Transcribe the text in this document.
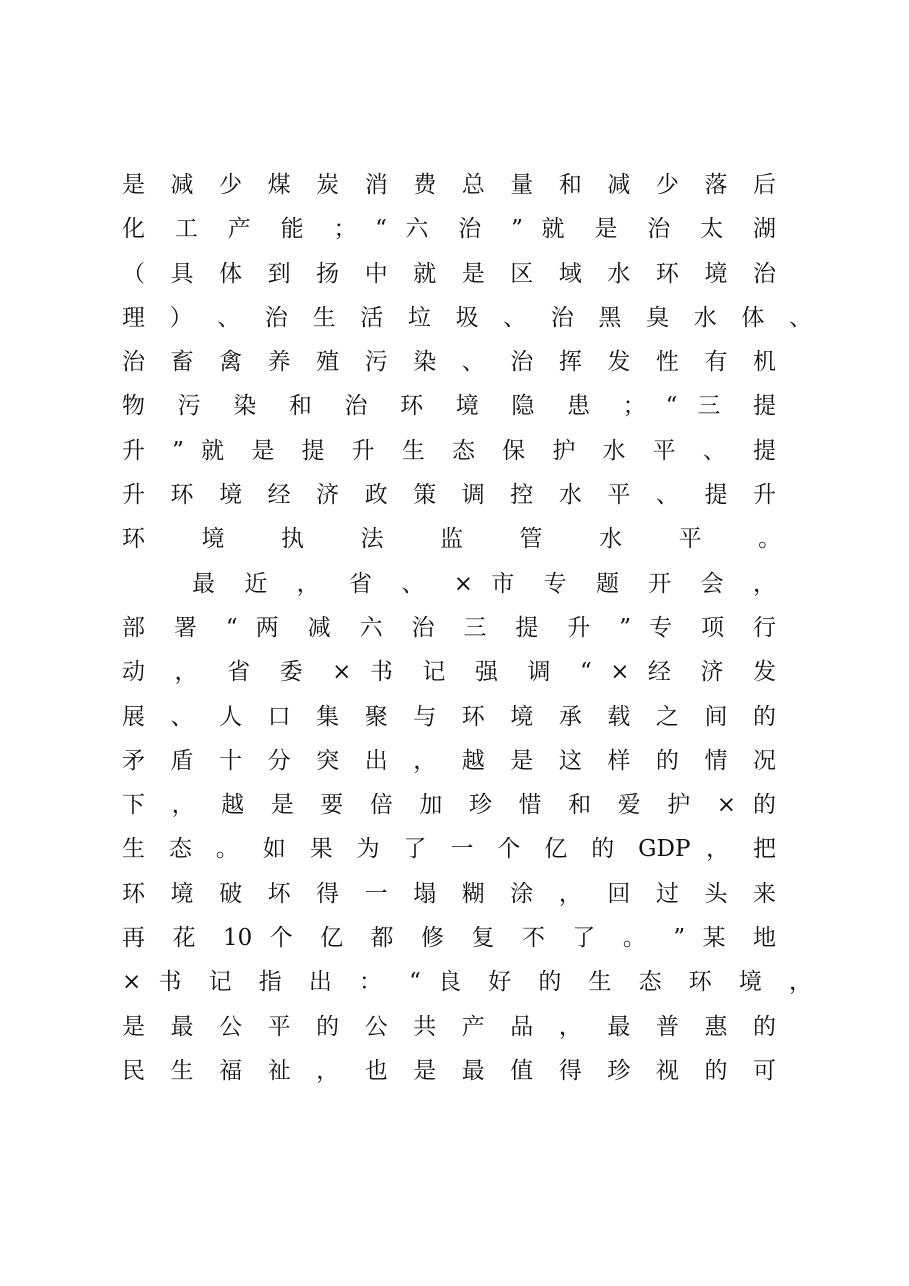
是 减 少 煤 炭 消 费 总 量 和 减 少 落 后
化 工 产 能 ； “ 六 治 ” 就 是 治 太 湖
（ 具 体 到 扬 中 就 是 区 域 水 环 境 治
理 ） 、 治 生 活 垃 圾 、 治 黑 臭 水 体 、
治 畜 禽 养 殖 污 染 、 治 挥 发 性 有 机
物 污 染 和 治 环 境 隐 患 ； “ 三 提
升 ” 就 是 提 升 生 态 保 护 水 平 、 提
升 环 境 经 济 政 策 调 控 水 平 、 提 升
环 境 执 法 监 管 水 平 。
最 近 ， 省 、 × 市 专 题 开 会 ，
部 署 “ 两 减 六 治 三 提 升 ” 专 项 行
动 ， 省 委 × 书 记 强 调 “ × 经 济 发
展 、 人 口 集 聚 与 环 境 承 载 之 间 的
矛 盾 十 分 突 出 ， 越 是 这 样 的 情 况
下 ， 越 是 要 倍 加 珍 惜 和 爱 护 × 的
生 态 。 如 果 为 了 一 个 亿 的 GDP ， 把
环 境 破 坏 得 一 塌 糊 涂 ， 回 过 头 来
再 花 10 个 亿 都 修 复 不 了 。 ” 某 地
× 书 记 指 出 ： “ 良 好 的 生 态 环 境 ，
是 最 公 平 的 公 共 产 品 ， 最 普 惠 的
民 生 福 祉 ， 也 是 最 值 得 珍 视 的 可
